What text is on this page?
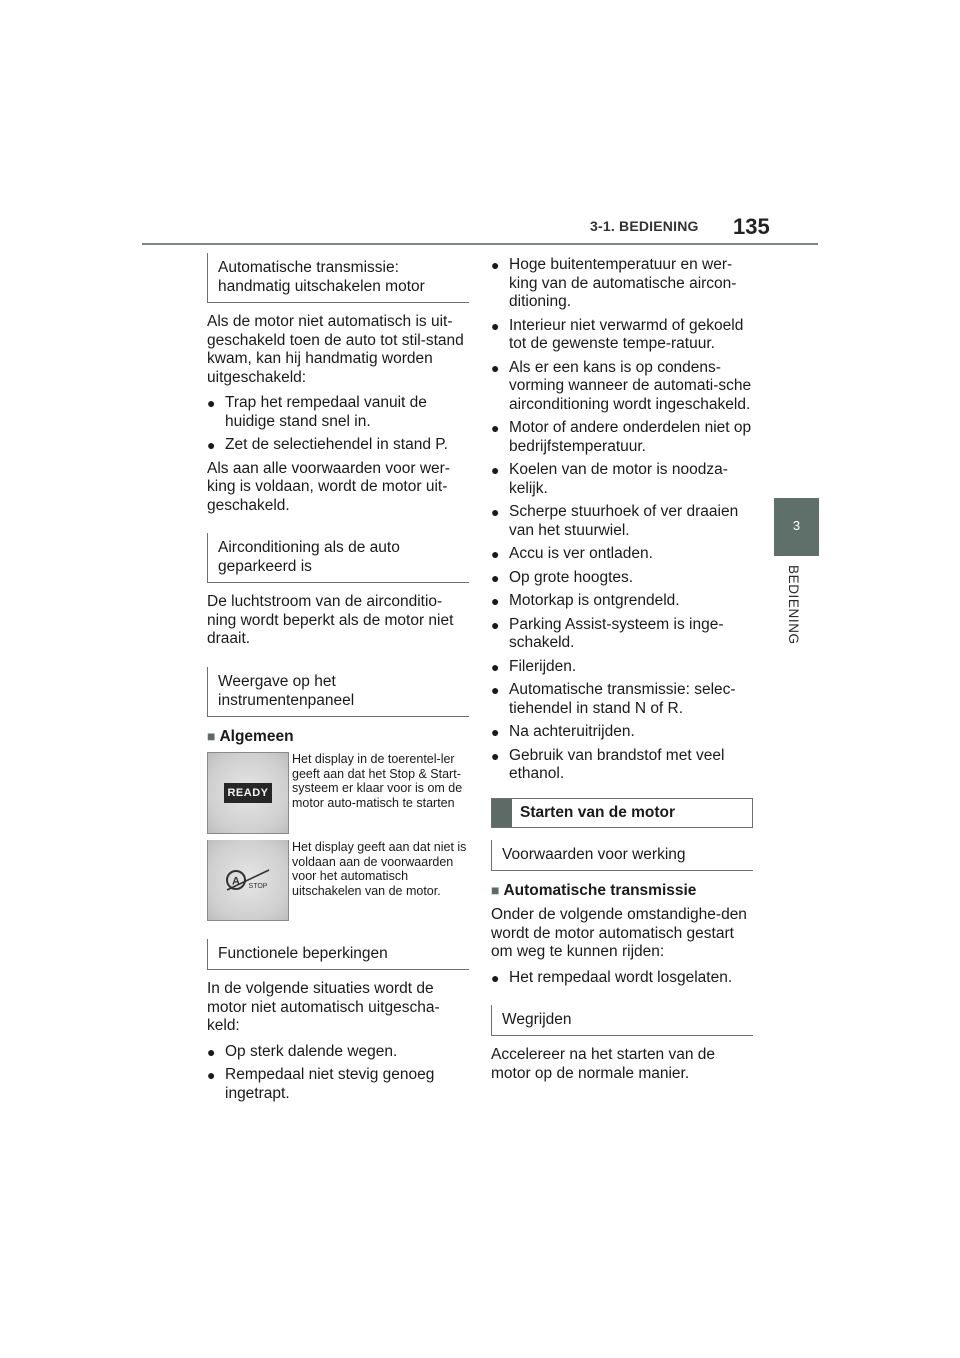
3-1. BEDIENING 135
3
BEDIENING
Automatische transmissie:
handmatig uitschakelen motor

Als de motor niet automatisch is uit-geschakeld toen de auto tot stil-stand kwam, kan hij handmatig worden uitgeschakeld:

● Trap het rempedaal vanuit de huidige stand snel in.
● Zet de selectiehendel in stand P.

Als aan alle voorwaarden voor wer-king is voldaan, wordt de motor uit-geschakeld.

Airconditioning als de auto
geparkeerd is

De luchtstroom van de airconditio-ning wordt beperkt als de motor niet draait.

Weergave op het
instrumentenpaneel
■ Algemeen
READY
Het display in de toerentel-ler geeft aan dat het Stop & Start-systeem er klaar voor is om de motor auto-matisch te starten
A STOP
Het display geeft aan dat niet is voldaan aan de voorwaarden voor het automatisch uitschakelen van de motor.
Functionele beperkingen

In de volgende situaties wordt de motor niet automatisch uitgescha-keld:

● Op sterk dalende wegen.
● Rempedaal niet stevig genoeg ingetrapt.
● Hoge buitentemperatuur en wer-king van de automatische aircon-ditioning.
● Interieur niet verwarmd of gekoeld tot de gewenste tempe-ratuur.
● Als er een kans is op condens-vorming wanneer de automati-sche airconditioning wordt ingeschakeld.
● Motor of andere onderdelen niet op bedrijfstemperatuur.
● Koelen van de motor is noodza-kelijk.
● Scherpe stuurhoek of ver draaien van het stuurwiel.
● Accu is ver ontladen.
● Op grote hoogtes.
● Motorkap is ontgrendeld.
● Parking Assist-systeem is inge-schakeld.
● Filerijden.
● Automatische transmissie: selec-tiehendel in stand N of R.
● Na achteruitrijden.
● Gebruik van brandstof met veel ethanol.
Starten van de motor
Voorwaarden voor werking
■ Automatische transmissie

Onder de volgende omstandighe-den wordt de motor automatisch gestart om weg te kunnen rijden:

● Het rempedaal wordt losgelaten.
Wegrijden

Accelereer na het starten van de motor op de normale manier.
